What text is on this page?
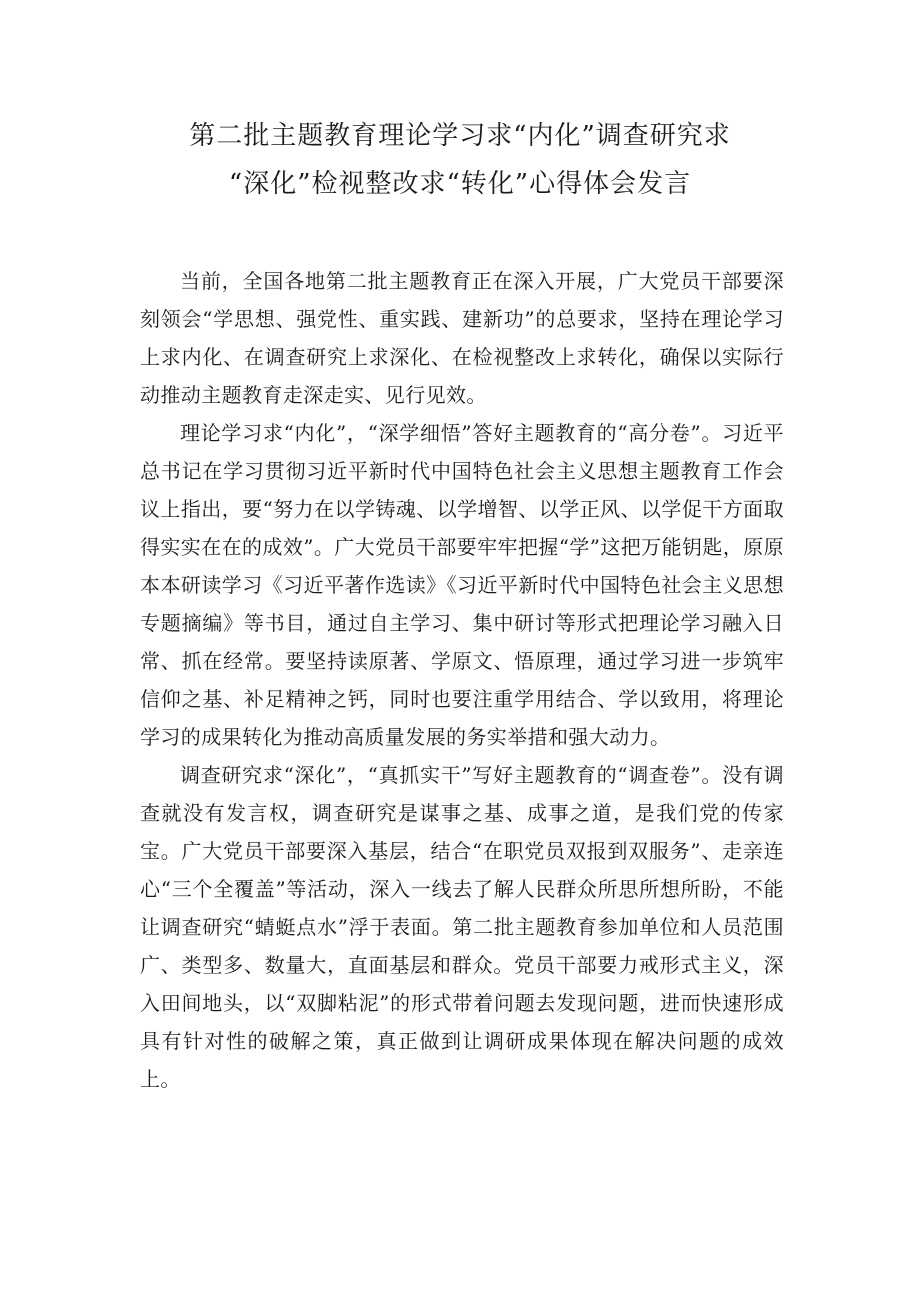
第二批主题教育理论学习求“内化”调查研究求
“深化”检视整改求“转化”心得体会发言

当前，全国各地第二批主题教育正在深入开展，广大党员干部要深刻领会“学思想、强党性、重实践、建新功”的总要求，坚持在理论学习上求内化、在调查研究上求深化、在检视整改上求转化，确保以实际行动推动主题教育走深走实、见行见效。

理论学习求“内化”，“深学细悟”答好主题教育的“高分卷”。习近平总书记在学习贯彻习近平新时代中国特色社会主义思想主题教育工作会议上指出，要“努力在以学铸魂、以学增智、以学正风、以学促干方面取得实实在在的成效”。广大党员干部要牢牢把握“学”这把万能钥匙，原原本本研读学习《习近平著作选读》《习近平新时代中国特色社会主义思想专题摘编》等书目，通过自主学习、集中研讨等形式把理论学习融入日常、抓在经常。要坚持读原著、学原文、悟原理，通过学习进一步筑牢信仰之基、补足精神之钙，同时也要注重学用结合、学以致用，将理论学习的成果转化为推动高质量发展的务实举措和强大动力。

调查研究求“深化”，“真抓实干”写好主题教育的“调查卷”。没有调查就没有发言权，调查研究是谋事之基、成事之道，是我们党的传家宝。广大党员干部要深入基层，结合“在职党员双报到双服务”、走亲连心“三个全覆盖”等活动，深入一线去了解人民群众所思所想所盼，不能让调查研究“蜻蜓点水”浮于表面。第二批主题教育参加单位和人员范围广、类型多、数量大，直面基层和群众。党员干部要力戒形式主义，深入田间地头，以“双脚粘泥”的形式带着问题去发现问题，进而快速形成具有针对性的破解之策，真正做到让调研成果体现在解决问题的成效上。
